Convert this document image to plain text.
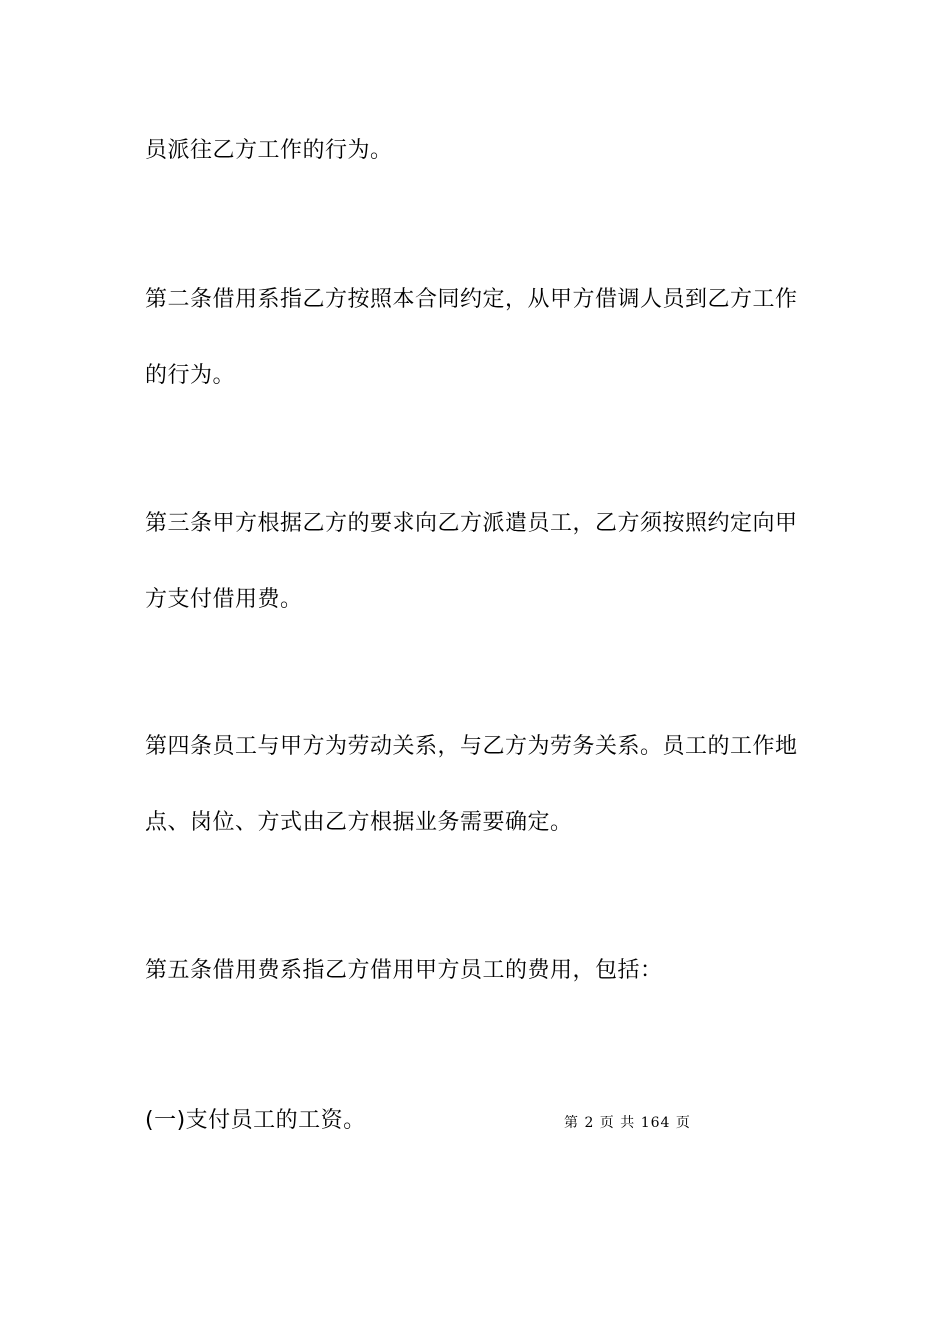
员派往乙方工作的行为。
第二条借用系指乙方按照本合同约定，从甲方借调人员到乙方工作
的行为。
第三条甲方根据乙方的要求向乙方派遣员工，乙方须按照约定向甲
方支付借用费。
第四条员工与甲方为劳动关系，与乙方为劳务关系。员工的工作地
点、岗位、方式由乙方根据业务需要确定。
第五条借用费系指乙方借用甲方员工的费用，包括：
(一)支付员工的工资。	第 2 页 共 164 页
